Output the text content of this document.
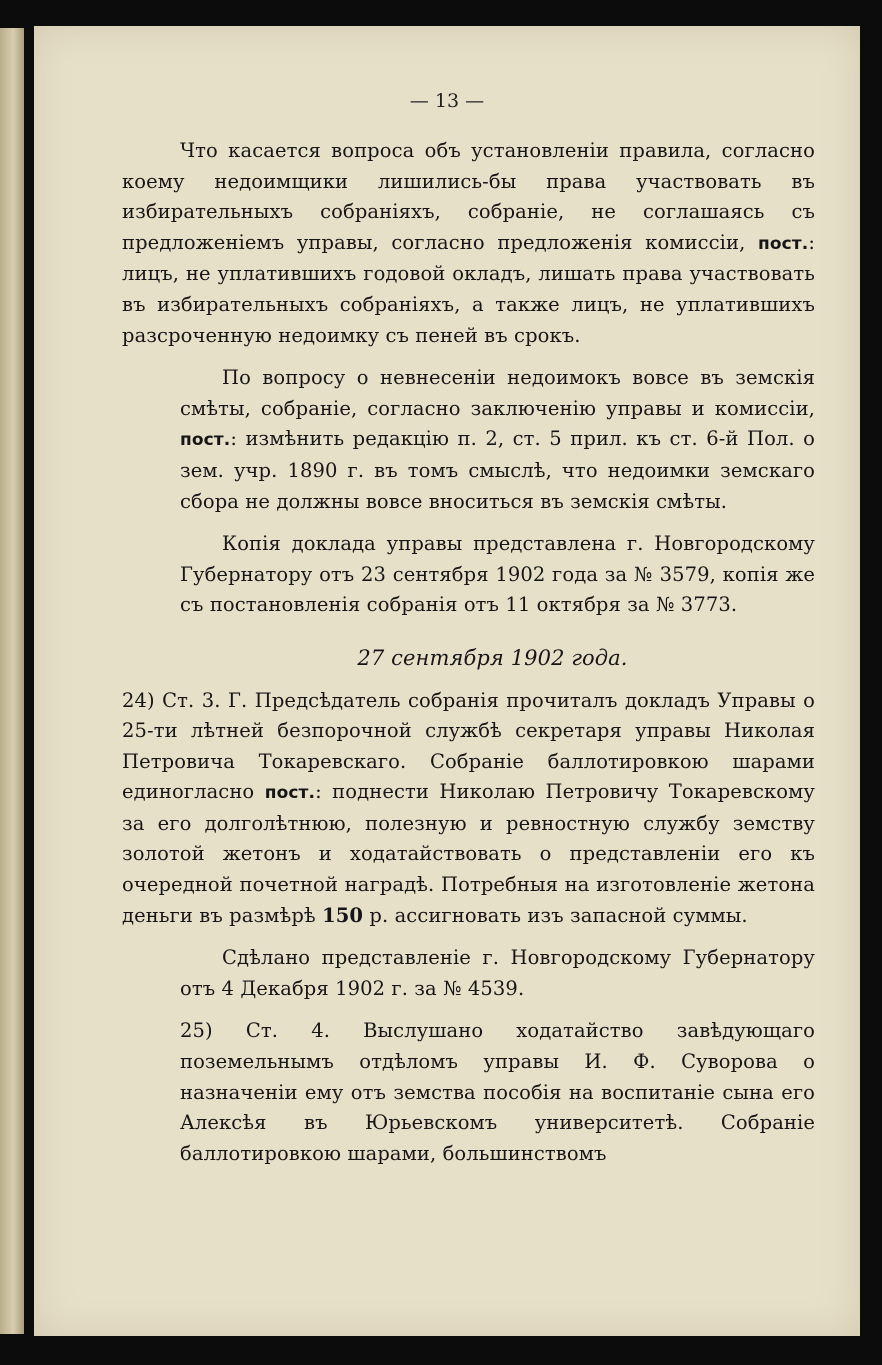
— 13 —

Что касается вопроса объ установленіи правила, согласно коему недоимщики лишились-бы права участвовать въ избирательныхъ собраніяхъ, собраніе, не соглашаясь съ предложеніемъ управы, согласно предложенія комиссіи, пост.: лицъ, не уплатившихъ годовой окладъ, лишать права участвовать въ избирательныхъ собраніяхъ, а также лицъ, не уплатившихъ разсроченную недоимку съ пеней въ срокъ.

По вопросу о невнесеніи недоимокъ вовсе въ земскія смѣты, собраніе, согласно заключенію управы и комиссіи, пост.: измѣнить редакцію п. 2, ст. 5 прил. къ ст. 6-й Пол. о зем. учр. 1890 г. въ томъ смыслѣ, что недоимки земскаго сбора не должны вовсе вноситься въ земскія смѣты.

Копія доклада управы представлена г. Новгородскому Губернатору отъ 23 сентября 1902 года за № 3579, копія же съ постановленія собранія отъ 11 октября за № 3773.

27 сентября 1902 года.

24) Ст. 3. Г. Предсѣдатель собранія прочиталъ докладъ Управы о 25-ти лѣтней безпорочной службѣ секретаря управы Николая Петровича Токаревскаго. Собраніе баллотировкою шарами единогласно пост.: поднести Николаю Петровичу Токаревскому за его долголѣтнюю, полезную и ревностную службу земству золотой жетонъ и ходатайствовать о представленіи его къ очередной почетной наградѣ. Потребныя на изготовленіе жетона деньги въ размѣрѣ 150 р. ассигновать изъ запасной суммы.

Сдѣлано представленіе г. Новгородскому Губернатору отъ 4 Декабря 1902 г. за № 4539.

25) Ст. 4. Выслушано ходатайство завѣдующаго поземельнымъ отдѣломъ управы И. Ф. Суворова о назначеніи ему отъ земства пособія на воспитаніе сына его Алексѣя въ Юрьевскомъ университетѣ. Собраніе баллотировкою шарами, большинствомъ
